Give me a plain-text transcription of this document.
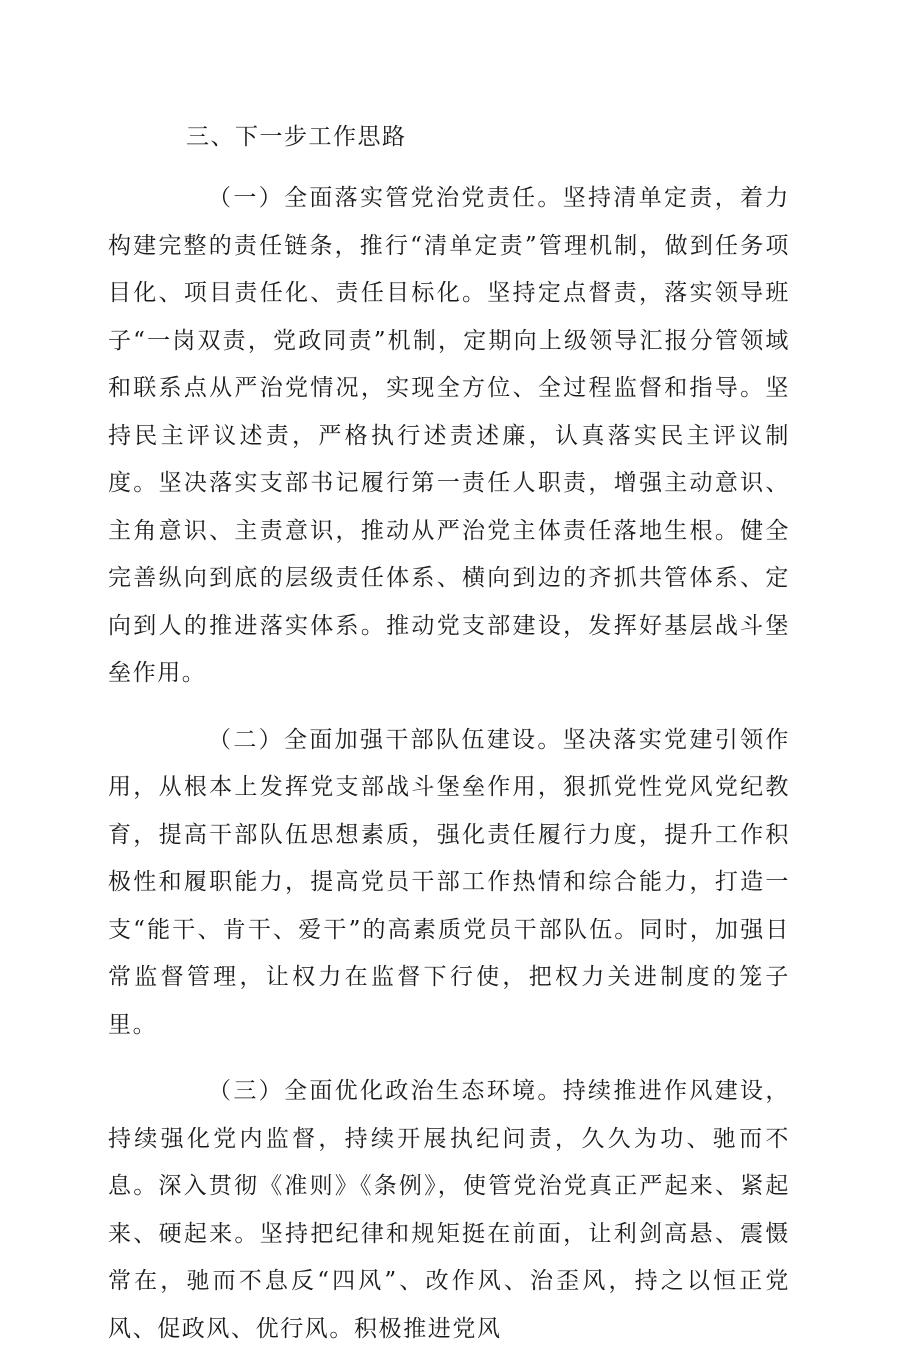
三、下一步工作思路

（一）全面落实管党治党责任。坚持清单定责，着力构建完整的责任链条，推行“清单定责”管理机制，做到任务项目化、项目责任化、责任目标化。坚持定点督责，落实领导班子“一岗双责，党政同责”机制，定期向上级领导汇报分管领域和联系点从严治党情况，实现全方位、全过程监督和指导。坚持民主评议述责，严格执行述责述廉，认真落实民主评议制度。坚决落实支部书记履行第一责任人职责，增强主动意识、主角意识、主责意识，推动从严治党主体责任落地生根。健全完善纵向到底的层级责任体系、横向到边的齐抓共管体系、定向到人的推进落实体系。推动党支部建设，发挥好基层战斗堡垒作用。

（二）全面加强干部队伍建设。坚决落实党建引领作用，从根本上发挥党支部战斗堡垒作用，狠抓党性党风党纪教育，提高干部队伍思想素质，强化责任履行力度，提升工作积极性和履职能力，提高党员干部工作热情和综合能力，打造一支“能干、肯干、爱干”的高素质党员干部队伍。同时，加强日常监督管理，让权力在监督下行使，把权力关进制度的笼子里。

（三）全面优化政治生态环境。持续推进作风建设，持续强化党内监督，持续开展执纪问责，久久为功、驰而不息。深入贯彻《准则》《条例》，使管党治党真正严起来、紧起来、硬起来。坚持把纪律和规矩挺在前面，让利剑高悬、震慑常在，驰而不息反“四风”、改作风、治歪风，持之以恒正党风、促政风、优行风。积极推进党风
